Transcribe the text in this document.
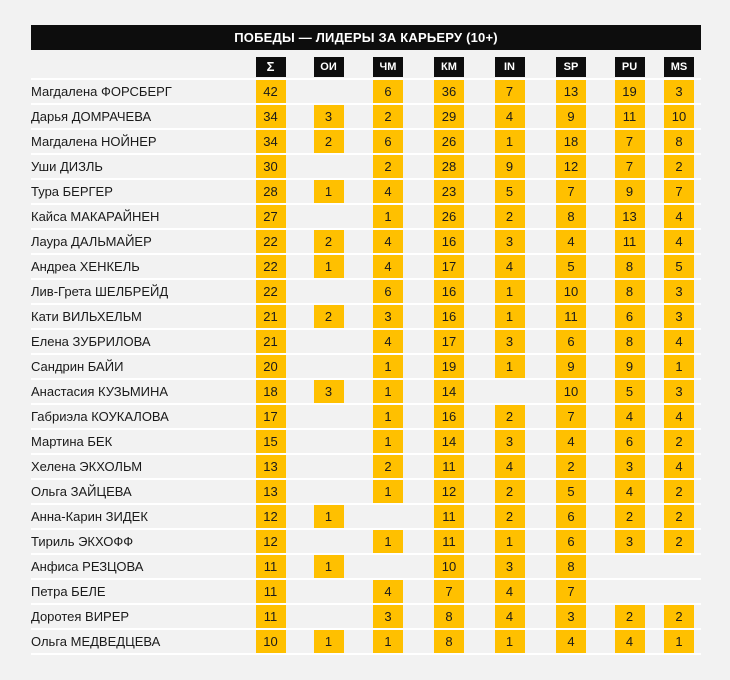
ПОБЕДЫ — ЛИДЕРЫ ЗА КАРЬЕРУ (10+)								

	Σ	ОИ	ЧМ	КМ	IN	SP	PU	MS

Магдалена ФОРСБЕРГ	42		6	36	7	13	19	3

Дарья ДОМРАЧЕВА	34	3	2	29	4	9	11	10

Магдалена НОЙНЕР	34	2	6	26	1	18	7	8

Уши ДИЗЛЬ	30		2	28	9	12	7	2

Тура БЕРГЕР	28	1	4	23	5	7	9	7

Кайса МАКАРАЙНЕН	27		1	26	2	8	13	4

Лаура ДАЛЬМАЙЕР	22	2	4	16	3	4	11	4

Андреа ХЕНКЕЛЬ	22	1	4	17	4	5	8	5

Лив-Грета ШЕЛБРЕЙД	22		6	16	1	10	8	3

Кати ВИЛЬХЕЛЬМ	21	2	3	16	1	11	6	3

Елена ЗУБРИЛОВА	21		4	17	3	6	8	4

Сандрин БАЙИ	20		1	19	1	9	9	1

Анастасия КУЗЬМИНА	18	3	1	14		10	5	3

Габриэла КОУКАЛОВА	17		1	16	2	7	4	4

Мартина БЕК	15		1	14	3	4	6	2

Хелена ЭКХОЛЬМ	13		2	11	4	2	3	4

Ольга ЗАЙЦЕВА	13		1	12	2	5	4	2

Анна-Карин ЗИДЕК	12	1		11	2	6	2	2

Тириль ЭКХОФФ	12		1	11	1	6	3	2

Анфиса РЕЗЦОВА	11	1		10	3	8		

Петра БЕЛЕ	11		4	7	4	7		

Доротея ВИРЕР	11		3	8	4	3	2	2

Ольга МЕДВЕДЦЕВА	10	1	1	8	1	4	4	1
